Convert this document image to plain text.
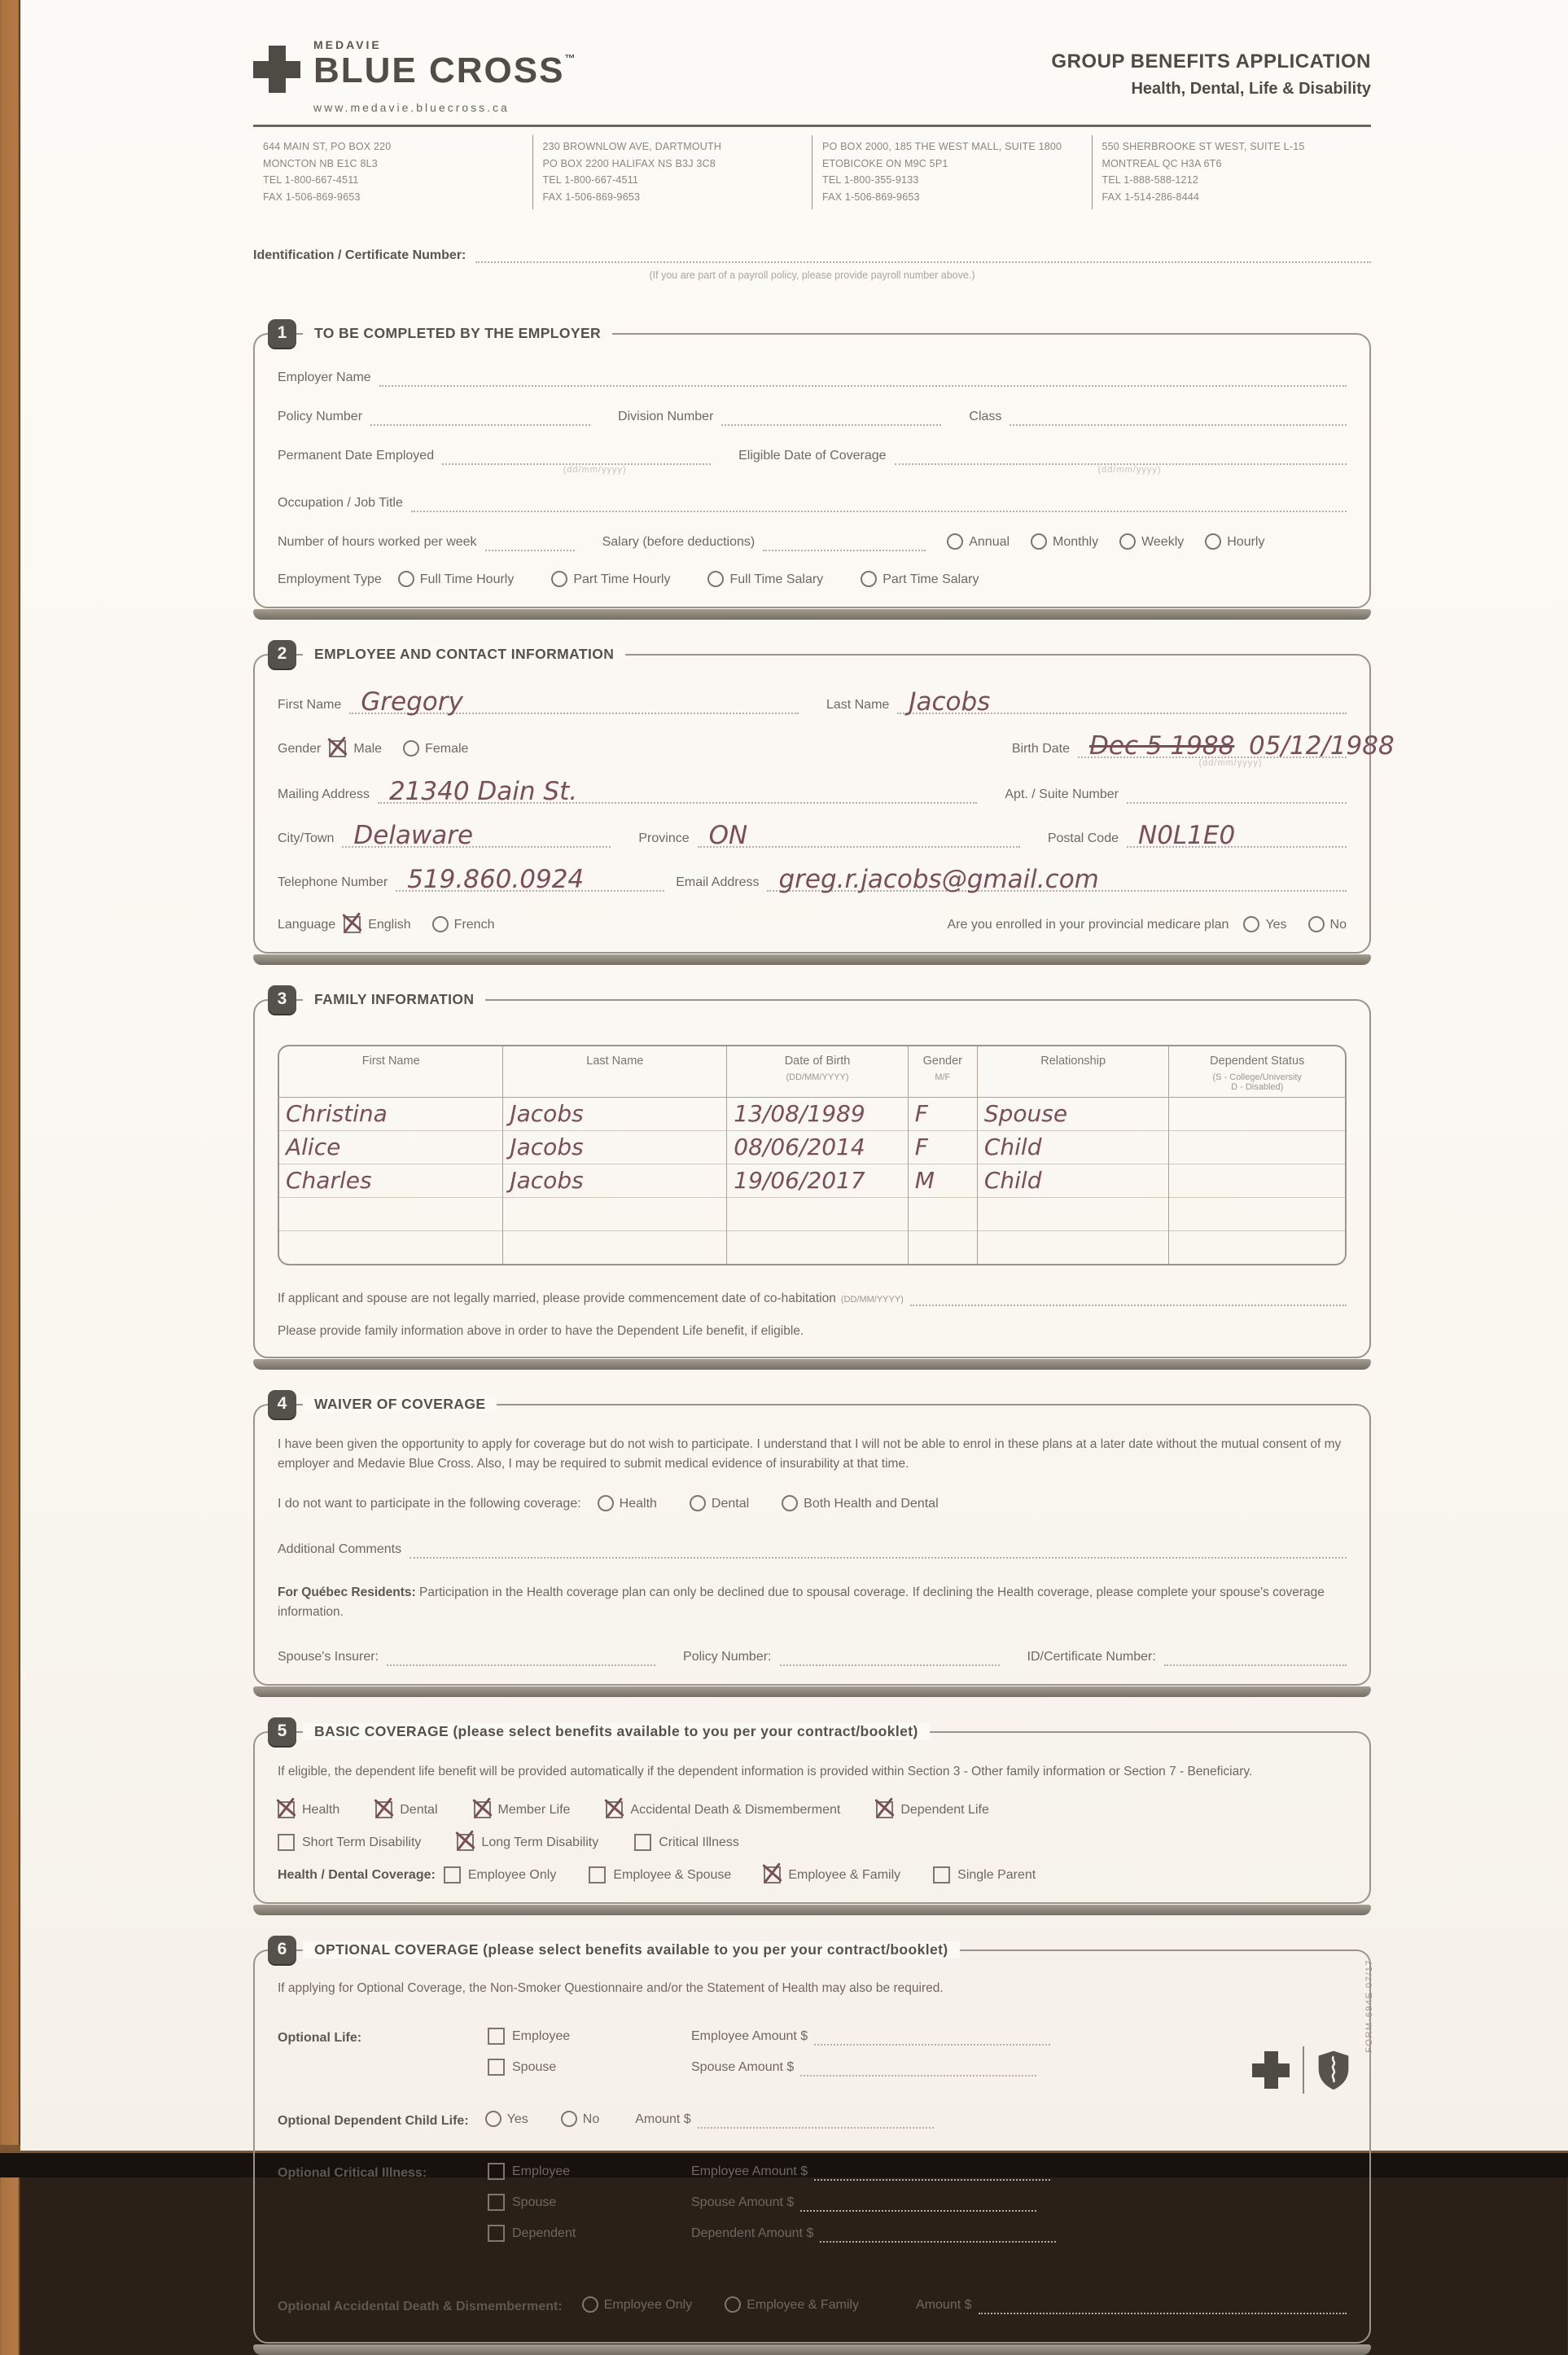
MEDAVIE
BLUE CROSS™
www.medavie.bluecross.ca
GROUP BENEFITS APPLICATION
Health, Dental, Life & Disability
644 MAIN ST, PO BOX 220
MONCTON NB E1C 8L3
TEL 1-800-667-4511
FAX 1-506-869-9653
230 BROWNLOW AVE, DARTMOUTH
PO BOX 2200 HALIFAX NS B3J 3C8
TEL 1-800-667-4511
FAX 1-506-869-9653
PO BOX 2000, 185 THE WEST MALL, SUITE 1800
ETOBICOKE ON M9C 5P1
TEL 1-800-355-9133
FAX 1-506-869-9653
550 SHERBROOKE ST WEST, SUITE L-15
MONTREAL QC H3A 6T6
TEL 1-888-588-1212
FAX 1-514-286-8444
Identification / Certificate Number:
(If you are part of a payroll policy, please provide payroll number above.)
1	TO BE COMPLETED BY THE EMPLOYER
Employer Name
Policy Number	Division Number	Class
Permanent Date Employed
(dd/mm/yyyy)
Eligible Date of Coverage
(dd/mm/yyyy)
Occupation / Job Title
Number of hours worked per week	Salary (before deductions)	Annual	Monthly	Weekly	Hourly
Employment Type	Full Time Hourly	Part Time Hourly	Full Time Salary	Part Time Salary
2	EMPLOYEE AND CONTACT INFORMATION
First Name Gregory	Last Name Jacobs
Gender	Male	Female	Birth Date
(dd/mm/yyyy)
Dec 5 1988 05/12/1988
Mailing Address 21340 Dain St.	Apt. / Suite Number
City/Town Delaware	Province ON	Postal Code N0L1E0
Telephone Number 519.860.0924	Email Address greg.r.jacobs@gmail.com
Language	English	French	Are you enrolled in your provincial medicare plan	Yes	No
3	FAMILY INFORMATION
First Name	Last Name	Date of Birth
(DD/MM/YYYY)	Gender
M/F	Relationship	Dependent Status
(S - College/University
D - Disabled)

Christina	Jacobs	13/08/1989	F	Spouse	
Alice	Jacobs	08/06/2014	F	Child	
Charles	Jacobs	19/06/2017	M	Child	

If applicant and spouse are not legally married, please provide commencement date of co-habitation (DD/MM/YYYY)
Please provide family information above in order to have the Dependent Life benefit, if eligible.
4	WAIVER OF COVERAGE
I have been given the opportunity to apply for coverage but do not wish to participate. I understand that I will not be able to enrol in these plans at a later date without the mutual consent of my employer and Medavie Blue Cross. Also, I may be required to submit medical evidence of insurability at that time.
I do not want to participate in the following coverage:	Health	Dental	Both Health and Dental
Additional Comments
For Québec Residents: Participation in the Health coverage plan can only be declined due to spousal coverage. If declining the Health coverage, please complete your spouse's coverage information.
Spouse's Insurer:	Policy Number:	ID/Certificate Number:
5	BASIC COVERAGE (please select benefits available to you per your contract/booklet)
If eligible, the dependent life benefit will be provided automatically if the dependent information is provided within Section 3 - Other family information or Section 7 - Beneficiary.
Health	Dental	Member Life	Accidental Death & Dismemberment	Dependent Life
Short Term Disability	Long Term Disability	Critical Illness
Health / Dental Coverage:	Employee Only	Employee & Spouse	Employee & Family	Single Parent
6	OPTIONAL COVERAGE (please select benefits available to you per your contract/booklet)
If applying for Optional Coverage, the Non-Smoker Questionnaire and/or the Statement of Health may also be required.
Optional Life:	Employee	Employee Amount $
Spouse	Spouse Amount $
Optional Dependent Child Life:	Yes	No	Amount $
Optional Critical Illness:	Employee	Employee Amount $
Spouse	Spouse Amount $
Dependent	Dependent Amount $
Optional Accidental Death & Dismemberment:	Employee Only	Employee & Family	Amount $
FORM-694E 07/17
